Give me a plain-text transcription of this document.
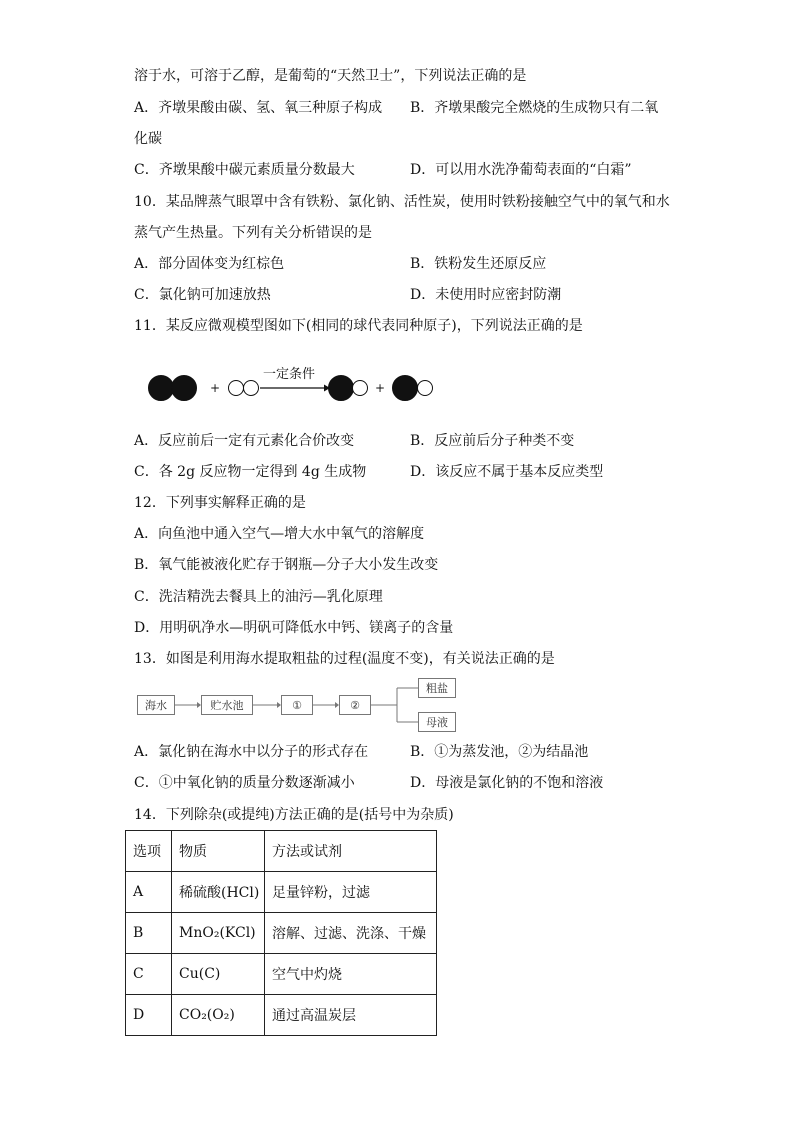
溶于水，可溶于乙醇，是葡萄的“天然卫士”，下列说法正确的是
A．齐墩果酸由碳、氢、氧三种原子构成 B．齐墩果酸完全燃烧的生成物只有二氧
化碳
C．齐墩果酸中碳元素质量分数最大	D．可以用水洗净葡萄表面的“白霜”
10．某品牌蒸气眼罩中含有铁粉、氯化钠、活性炭，使用时铁粉接触空气中的氧气和水
蒸气产生热量。下列有关分析错误的是
A．部分固体变为红棕色	B．铁粉发生还原反应
C．氯化钠可加速放热	D．未使用时应密封防潮
11．某反应微观模型图如下(相同的球代表同种原子)，下列说法正确的是
+
一定条件
+
A．反应前后一定有元素化合价改变	B．反应前后分子种类不变
C．各 2g 反应物一定得到 4g 生成物	D．该反应不属于基本反应类型
12．下列事实解释正确的是
A．向鱼池中通入空气—增大水中氧气的溶解度
B．氧气能被液化贮存于钢瓶—分子大小发生改变
C．洗洁精洗去餐具上的油污—乳化原理
D．用明矾净水—明矾可降低水中钙、镁离子的含量
13．如图是利用海水提取粗盐的过程(温度不变)，有关说法正确的是
海水	贮水池	①	②
粗盐
母液
A．氯化钠在海水中以分子的形式存在	B．①为蒸发池，②为结晶池
C．①中氧化钠的质量分数逐渐减小	D．母液是氯化钠的不饱和溶液
14．下列除杂(或提纯)方法正确的是(括号中为杂质)
选项	物质	方法或试剂
A	稀硫酸(HCl)	足量锌粉，过滤
B	MnO₂(KCl)	溶解、过滤、洗涤、干燥
C	Cu(C)	空气中灼烧
D	CO₂(O₂)	通过高温炭层
